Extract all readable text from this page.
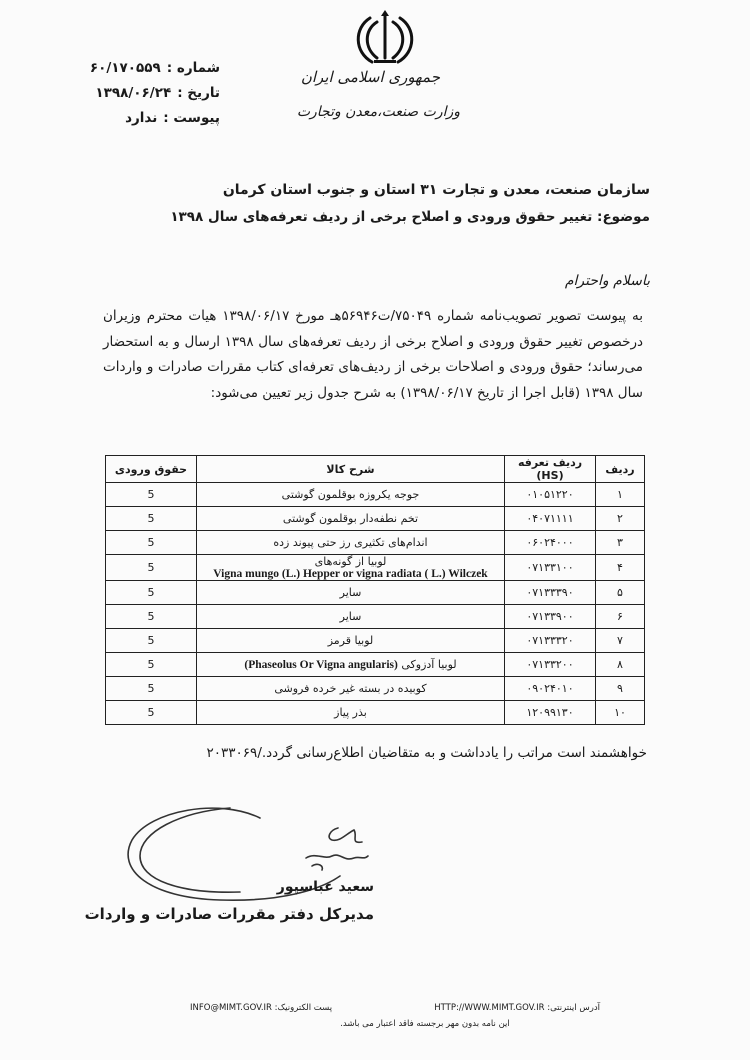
جمهوری اسلامی ایران
وزارت صنعت،معدن وتجارت
شماره :
۶۰/۱۷۰۵۵۹
تاریخ :
۱۳۹۸/۰۶/۲۴
پیوست :
ندارد
سازمان صنعت، معدن و تجارت ۳۱ استان و جنوب استان کرمان
موضوع: تغییر حقوق ورودی و اصلاح برخی از ردیف تعرفه‌های سال ۱۳۹۸
باسلام واحترام
به پیوست تصویر تصویب‌نامه شماره ۷۵۰۴۹/ت۵۶۹۴۶هـ مورخ ۱۳۹۸/۰۶/۱۷ هیات محترم وزیران درخصوص تغییر حقوق ورودی و اصلاح برخی از ردیف تعرفه‌های سال ۱۳۹۸ ارسال و به استحضار می‌رساند؛ حقوق ورودی و اصلاحات برخی از ردیف‌های تعرفه‌ای کتاب مقررات صادرات و واردات سال ۱۳۹۸ (قابل اجرا از تاریخ ۱۳۹۸/۰۶/۱۷) به شرح جدول زیر تعیین می‌شود:
ردیف	ردیف تعرفه (HS)	شرح کالا	حقوق ورودی
۱	۰۱۰۵۱۲۲۰	جوجه یکروزه بوقلمون گوشتی	5
۲	۰۴۰۷۱۱۱۱	تخم نطفه‌دار بوقلمون گوشتی	5
۳	۰۶۰۲۴۰۰۰	اندام‌های تکثیری رز حتی پیوند زده	5
۴	۰۷۱۳۳۱۰۰	لوبیا از گونه‌های
Vigna mungo (L.) Hepper or vigna radiata ( L.) Wilczek	5
۵	۰۷۱۳۳۳۹۰	سایر	5
۶	۰۷۱۳۳۹۰۰	سایر	5
۷	۰۷۱۳۳۳۲۰	لوبیا قرمز	5
۸	۰۷۱۳۳۲۰۰	لوبیا آدزوکی (Phaseolus Or Vigna angularis)	5
۹	۰۹۰۲۴۰۱۰	کوبیده در بسته غیر خرده فروشی	5
۱۰	۱۲۰۹۹۱۳۰	بذر پیاز	5
خواهشمند است مراتب را یادداشت و به متقاضیان اطلاع‌رسانی گردد./۲۰۳۳۰۶۹
سعید عباسپور
مدیرکل دفتر مقررات صادرات و واردات
INFO@MIMT.GOV.IR :پست الکترونیک	HTTP://WWW.MIMT.GOV.IR :آدرس اینترنتی
این نامه بدون مهر برجسته فاقد اعتبار می باشد.
